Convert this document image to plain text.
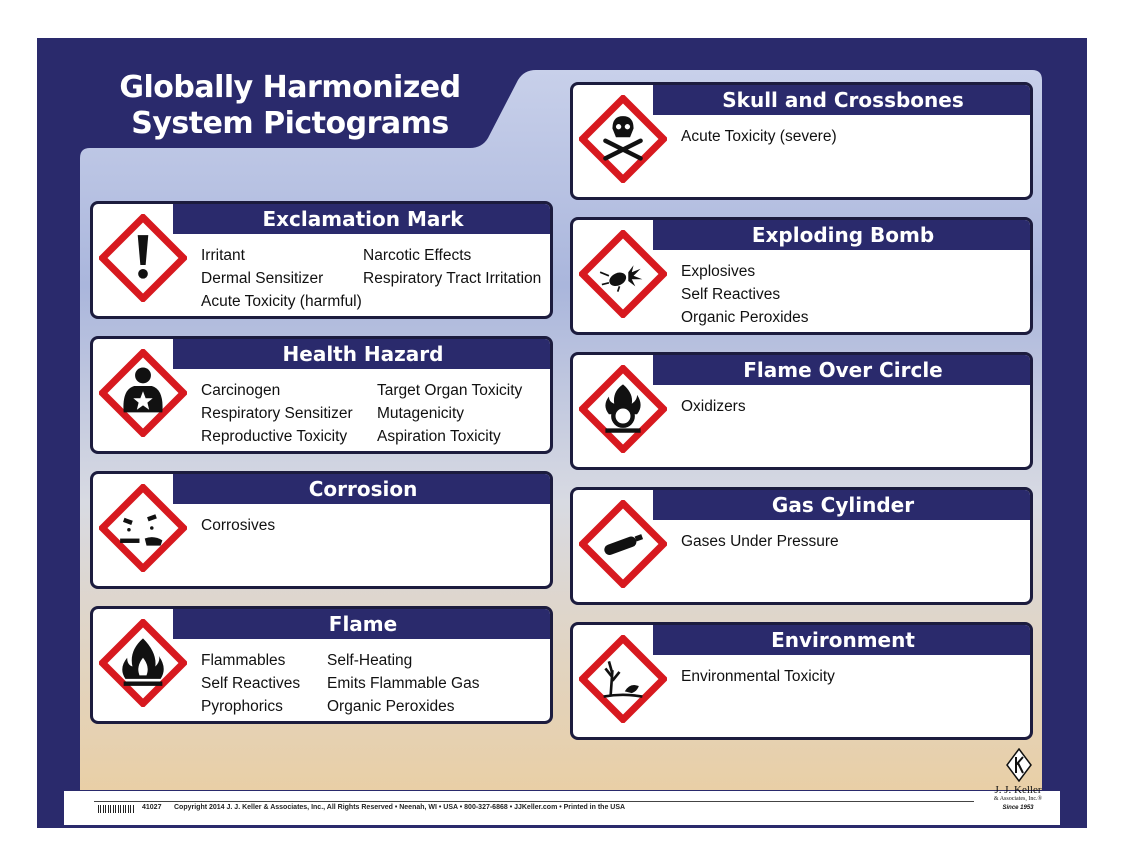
Globally Harmonized System Pictograms
Exclamation Mark
Irritant
Dermal Sensitizer
Acute Toxicity (harmful)
Narcotic Effects
Respiratory Tract Irritation
Health Hazard
Carcinogen
Respiratory Sensitizer
Reproductive Toxicity
Target Organ Toxicity
Mutagenicity
Aspiration Toxicity
Corrosion
Corrosives
Flame
Flammables
Self Reactives
Pyrophorics
Self-Heating
Emits Flammable Gas
Organic Peroxides
Skull and Crossbones
Acute Toxicity (severe)
Exploding Bomb
Explosives
Self Reactives
Organic Peroxides
Flame Over Circle
Oxidizers
Gas Cylinder
Gases Under Pressure
Environment
Environmental Toxicity
41027 Copyright 2014 J. J. Keller & Associates, Inc., All Rights Reserved • Neenah, WI • USA • 800-327-6868 • JJKeller.com • Printed in the USA
J. J. Keller
& Associates, Inc.®
Since 1953
